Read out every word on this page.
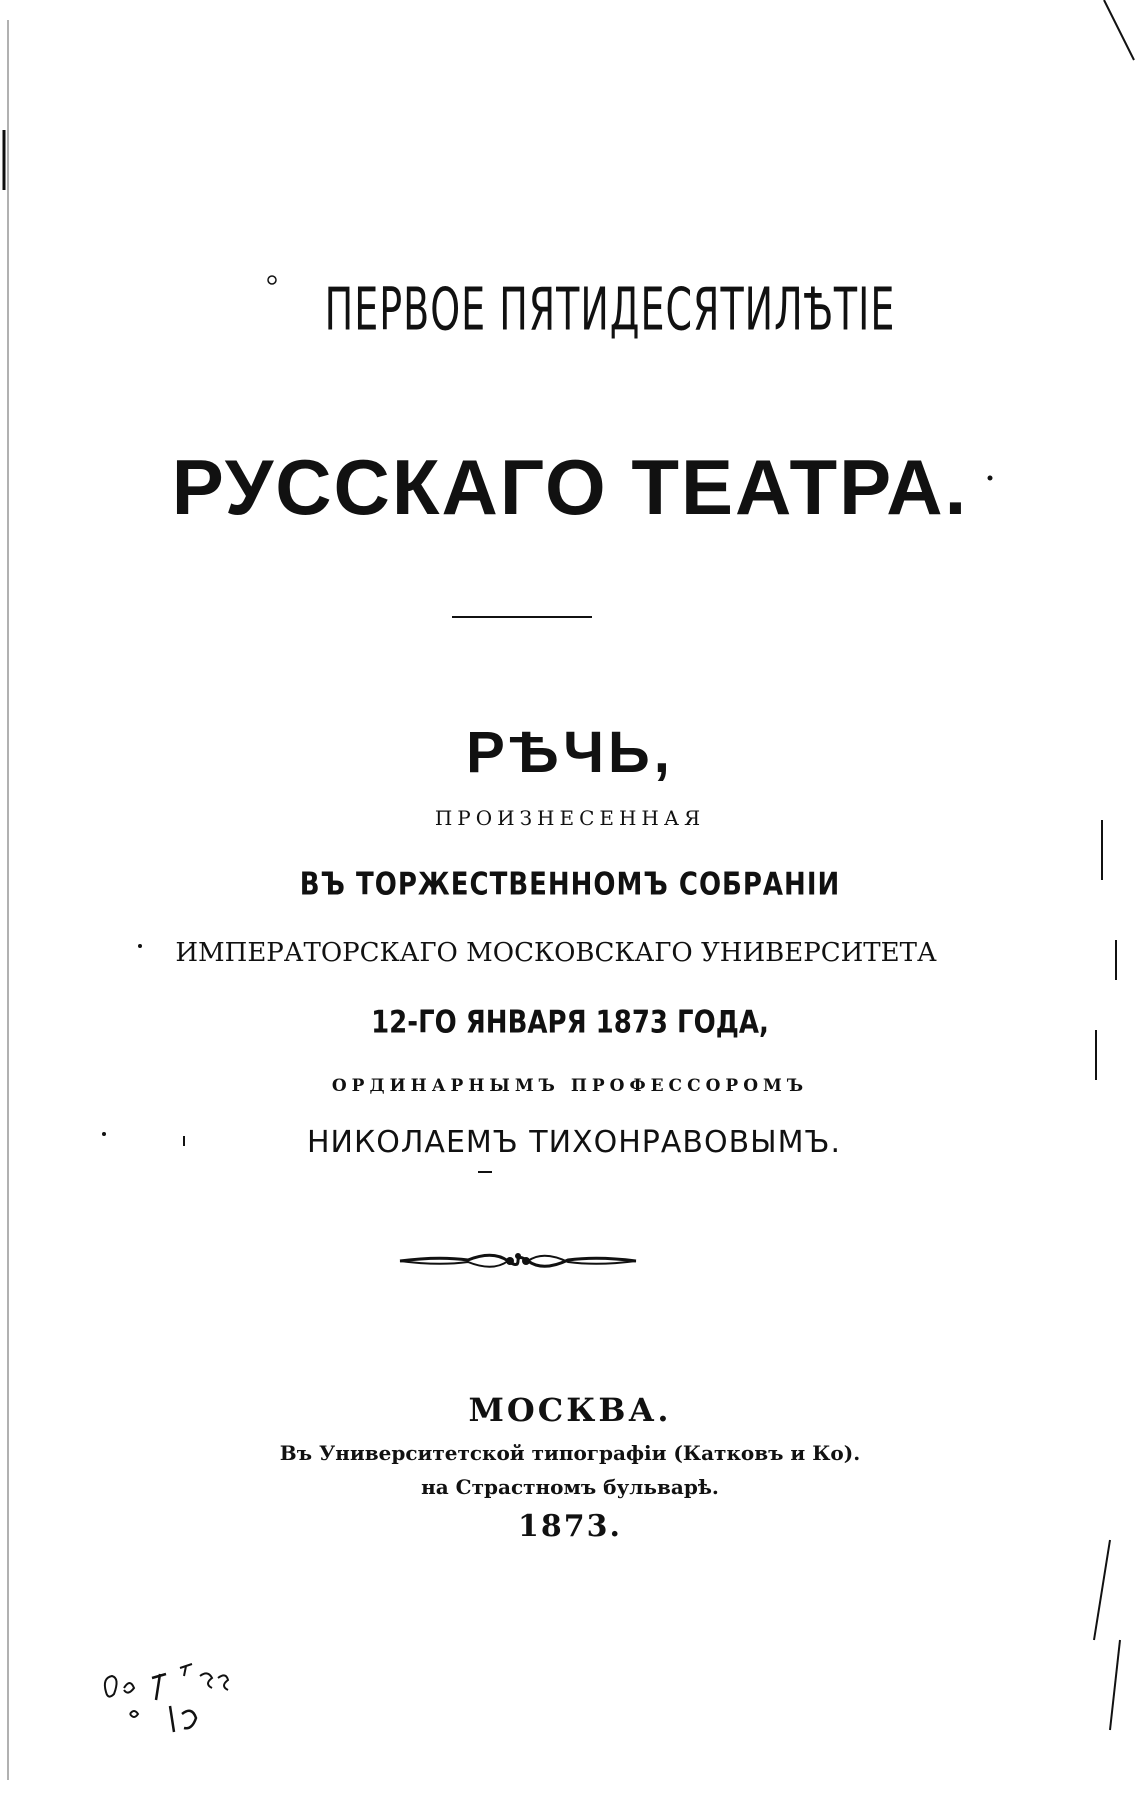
ПЕРВОЕ ПЯТИДЕСЯТИЛѢТІЕ
РУССКАГО ТЕАТРА.
РѢЧЬ,
ПРОИЗНЕСЕННАЯ
ВЪ ТОРЖЕСТВЕННОМЪ СОБРАНІИ
ИМПЕРАТОРСКАГО МОСКОВСКАГО УНИВЕРСИТЕТА
12-ГО ЯНВАРЯ 1873 ГОДА,
ОРДИНАРНЫМЪ ПРОФЕССОРОМЪ
НИКОЛАЕМЪ ТИХОНРАВОВЫМЪ.
МОСКВА.
Въ Университетской типографіи (Катковъ и Ко).
на Страстномъ бульварѣ.
1873.
